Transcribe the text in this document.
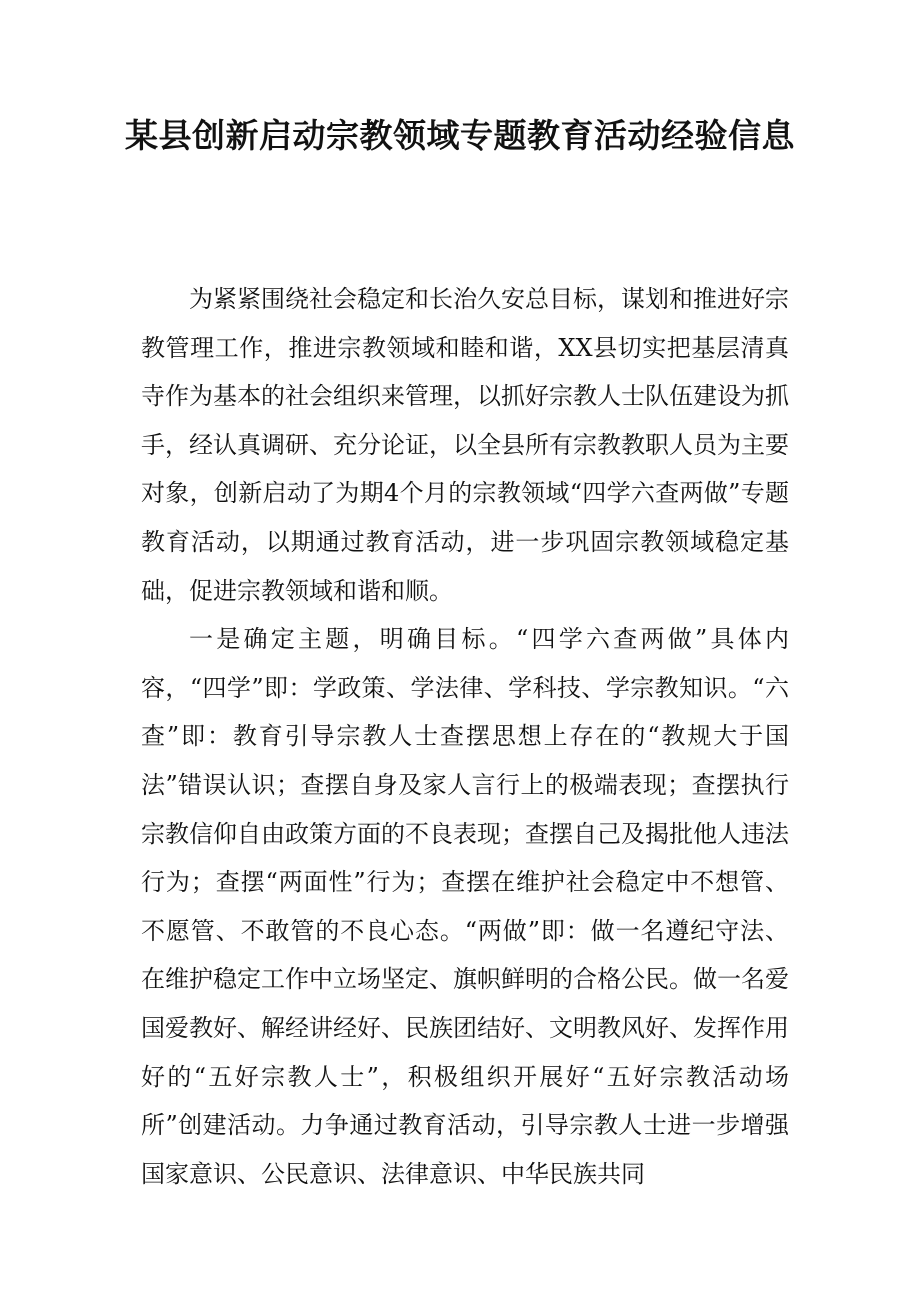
某县创新启动宗教领域专题教育活动经验信息

为紧紧围绕社会稳定和长治久安总目标，谋划和推进好宗教管理工作，推进宗教领域和睦和谐，XX县切实把基层清真寺作为基本的社会组织来管理，以抓好宗教人士队伍建设为抓手，经认真调研、充分论证，以全县所有宗教教职人员为主要对象，创新启动了为期4个月的宗教领域“四学六查两做”专题教育活动，以期通过教育活动，进一步巩固宗教领域稳定基础，促进宗教领域和谐和顺。

一是确定主题，明确目标。“四学六查两做”具体内容，“四学”即：学政策、学法律、学科技、学宗教知识。“六查”即：教育引导宗教人士查摆思想上存在的“教规大于国法”错误认识；查摆自身及家人言行上的极端表现；查摆执行宗教信仰自由政策方面的不良表现；查摆自己及揭批他人违法行为；查摆“两面性”行为；查摆在维护社会稳定中不想管、不愿管、不敢管的不良心态。“两做”即：做一名遵纪守法、在维护稳定工作中立场坚定、旗帜鲜明的合格公民。做一名爱国爱教好、解经讲经好、民族团结好、文明教风好、发挥作用好的“五好宗教人士”，积极组织开展好“五好宗教活动场所”创建活动。力争通过教育活动，引导宗教人士进一步增强国家意识、公民意识、法律意识、中华民族共同
